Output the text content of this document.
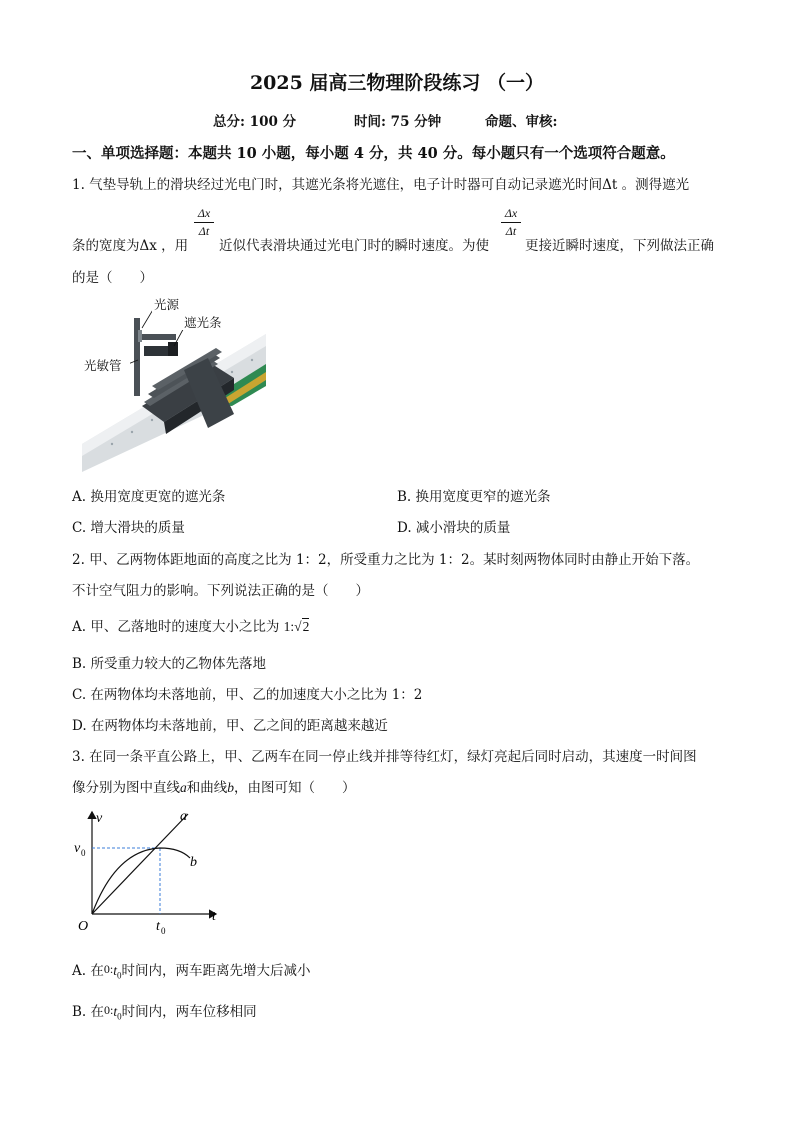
2025 届高三物理阶段练习 （一）
总分: 100 分	时间: 75 分钟	命题、审核:
一、单项选择题：本题共 10 小题，每小题 4 分，共 40 分。每小题只有一个选项符合题意。
1. 气垫导轨上的滑块经过光电门时，其遮光条将光遮住，电子计时器可自动记录遮光时间Δt 。测得遮光
Δx
Δt
Δx
Δt
条的宽度为Δx ，用 近似代表滑块通过光电门时的瞬时速度。为使	更接近瞬时速度，下列做法正确
的是（　　）
光源
遮光条
光敏管
A. 换用宽度更宽的遮光条	B. 换用宽度更窄的遮光条
C. 增大滑块的质量	D. 减小滑块的质量
2. 甲、乙两物体距地面的高度之比为 1：2，所受重力之比为 1：2。某时刻两物体同时由静止开始下落。
不计空气阻力的影响。下列说法正确的是（　　）
A. 甲、乙落地时的速度大小之比为 1:√2
B. 所受重力较大的乙物体先落地
C. 在两物体均未落地前，甲、乙的加速度大小之比为 1：2
D. 在两物体均未落地前，甲、乙之间的距离越来越近
3. 在同一条平直公路上，甲、乙两车在同一停止线并排等待红灯，绿灯亮起后同时启动，其速度一时间图
像分别为图中直线a和曲线b，由图可知（　　）
v
v 0
t
t 0
O
a
b
A. 在$0:t_0$时间内，两车距离先增大后减小
B. 在$0:t_0$时间内，两车位移相同
